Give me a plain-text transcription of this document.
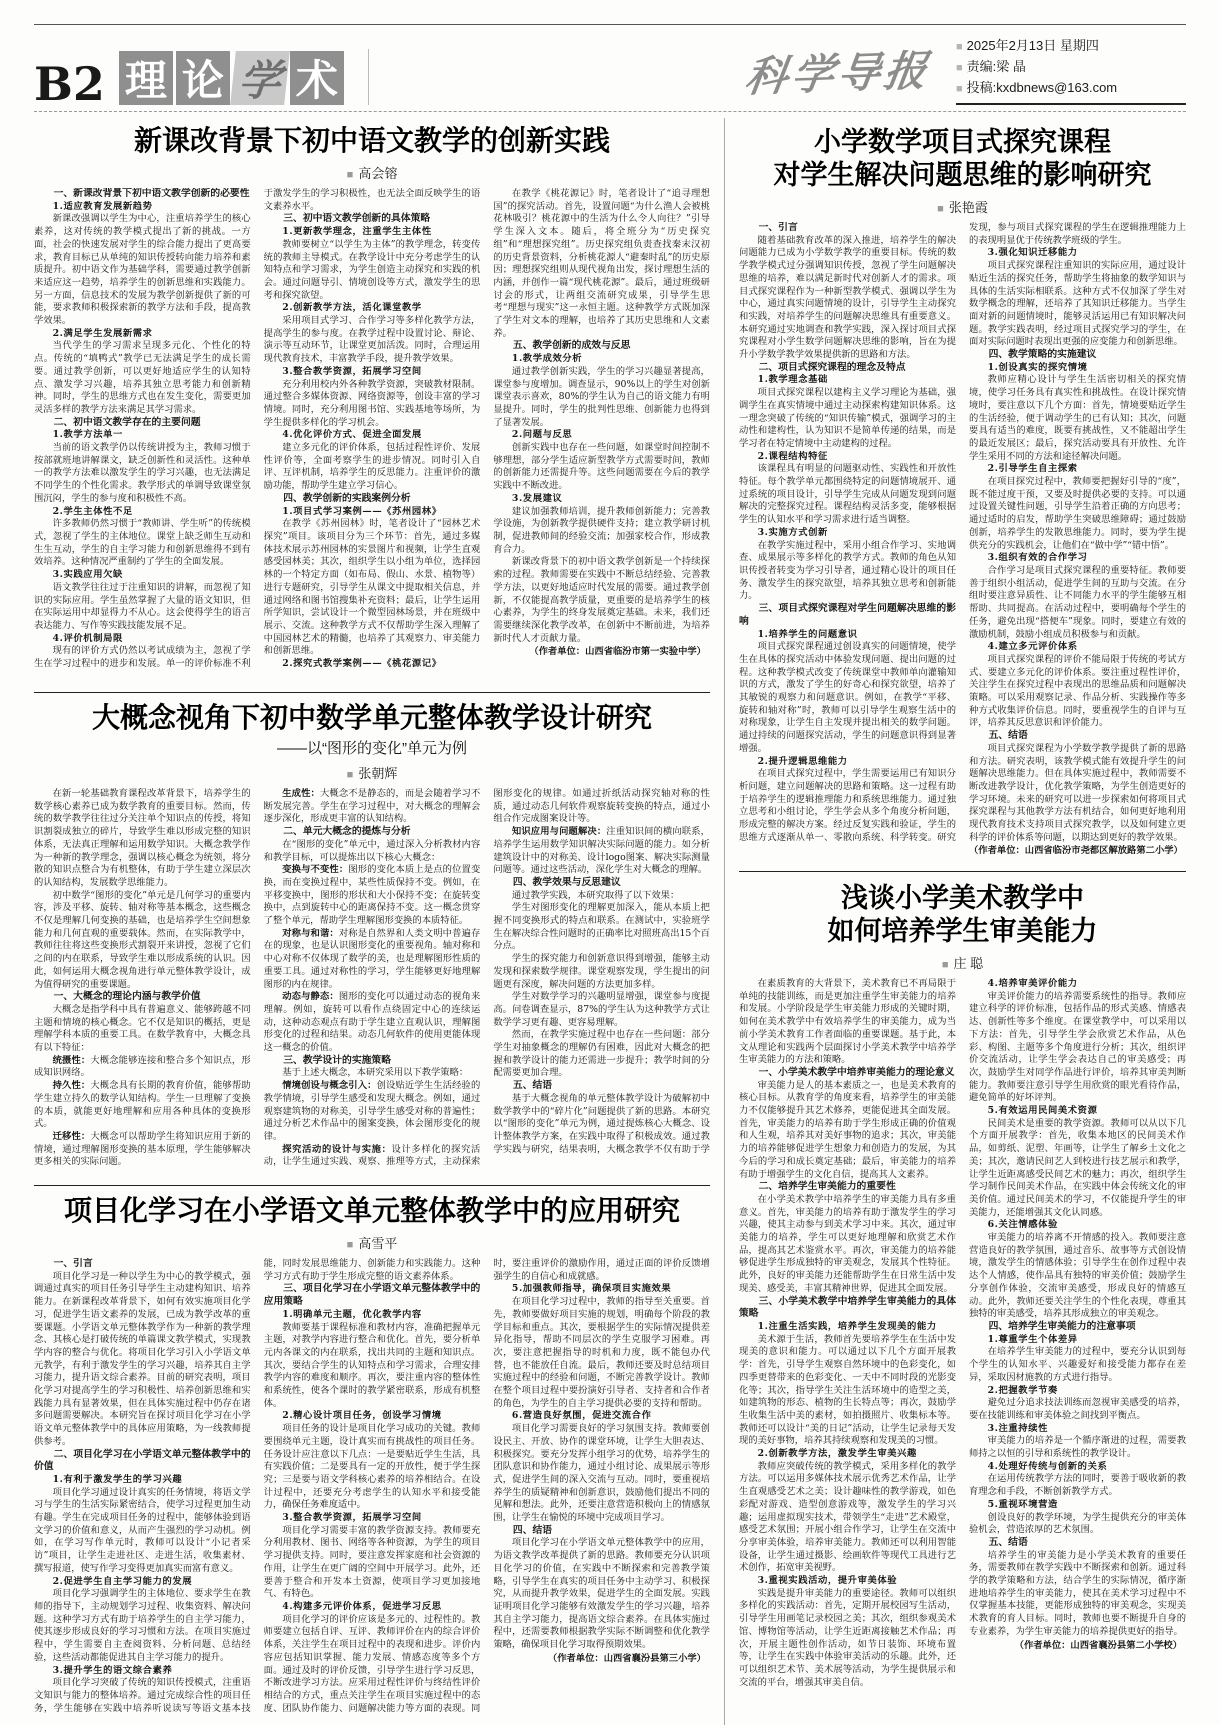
B2 理 论 学 术	科学导报 ■ 2025年2月13日 星期四
■ 责编:梁 晶
■ 投稿:kxdbnews@163.com
新课改背景下初中语文教学的创新实践
■ 高会镕
一、新课改背景下初中语文教学创新的必要性
1.适应教育发展新趋势
新课改强调以学生为中心，注重培养学生的核心素养，这对传统的教学模式提出了新的挑战。一方面，社会的快速发展对学生的综合能力提出了更高要求，教育目标已从单纯的知识传授转向能力培养和素质提升。初中语文作为基础学科，需要通过教学创新来适应这一趋势，培养学生的创新思维和实践能力。另一方面，信息技术的发展为教学创新提供了新的可能，要求教师积极探索新的教学方法和手段，提高教学效果。
2.满足学生发展新需求
当代学生的学习需求呈现多元化、个性化的特点。传统的“填鸭式”教学已无法满足学生的成长需要。通过教学创新，可以更好地适应学生的认知特点、激发学习兴趣，培养其独立思考能力和创新精神。同时，学生的思维方式也在发生变化，需要更加灵活多样的教学方法来满足其学习需求。
二、初中语文教学存在的主要问题
1.教学方法单一
当前的语文教学仍以传统讲授为主，教师习惯于按部就班地讲解课文，缺乏创新性和灵活性。这种单一的教学方法难以激发学生的学习兴趣，也无法满足不同学生的个性化需求。教学形式的单调导致课堂氛围沉闷，学生的参与度和积极性不高。
2.学生主体性不足
许多教师仍然习惯于“教师讲、学生听”的传统模式，忽视了学生的主体地位。课堂上缺乏师生互动和生生互动，学生的自主学习能力和创新思维得不到有效培养。这种情况严重制约了学生的全面发展。
3.实践应用欠缺
语文教学往往过于注重知识的讲解，而忽视了知识的实际应用。学生虽然掌握了大量的语文知识，但在实际运用中却显得力不从心。这会使得学生的语言表达能力、写作等实践技能发展不足。
4.评价机制局限
现有的评价方式仍然以考试成绩为主，忽视了学生在学习过程中的进步和发展。单一的评价标准不利于激发学生的学习积极性，也无法全面反映学生的语文素养水平。
三、初中语文教学创新的具体策略
1.更新教学理念，注重学生主体性
教师要树立“以学生为主体”的教学理念，转变传统的教师主导模式。在教学设计中充分考虑学生的认知特点和学习需求，为学生创造主动探究和实践的机会。通过问题导引、情境创设等方式，激发学生的思考和探究欲望。
2.创新教学方法，活化课堂教学
采用项目式学习、合作学习等多样化教学方法，提高学生的参与度。在教学过程中设置讨论、辩论、演示等互动环节，让课堂更加活泼。同时，合理运用现代教育技术，丰富教学手段，提升教学效果。
3.整合教学资源，拓展学习空间
充分利用校内外各种教学资源，突破教材限制。通过整合多媒体资源、网络资源等，创设丰富的学习情境。同时，充分利用图书馆、实践基地等场所，为学生提供多样化的学习机会。
4.优化评价方式、促进全面发展
建立多元化的评价体系，包括过程性评价、发展性评价等，全面考察学生的进步情况。同时引入自评、互评机制，培养学生的反思能力。注重评价的激励功能，帮助学生建立学习信心。
四、教学创新的实践案例分析
1.项目式学习案例——《苏州园林》
在教学《苏州园林》时，笔者设计了“园林艺术探究”项目。该项目分为三个环节：首先，通过多媒体技术展示苏州园林的实景图片和视频，让学生直观感受园林美；其次，组织学生以小组为单位，选择园林的一个特定方面（如布局、假山、水景、植物等）进行专题研究，引导学生从课文中提取相关信息，并通过网络和图书馆搜集补充资料；最后，让学生运用所学知识，尝试设计一个微型园林场景，并在班级中展示、交流。这种教学方式不仅帮助学生深入理解了中国园林艺术的精髓，也培养了其观察力、审美能力和创新思维。
2.探究式教学案例——《桃花源记》
在教学《桃花源记》时，笔者设计了“追寻理想国”的探究活动。首先，设置问题“为什么渔人会被桃花林吸引？桃花源中的生活为什么令人向往？”引导学生深入文本。随后，将全班分为“历史探究组”和“理想探究组”。历史探究组负责查找秦末汉初的历史背景资料，分析桃花源人“避秦时乱”的历史原因；理想探究组则从现代视角出发，探讨理想生活的内涵，并创作一篇“现代桃花源”。最后，通过班级研讨会的形式，让两组交流研究成果，引导学生思考“理想与现实”这一永恒主题。这种教学方式既加深了学生对文本的理解，也培养了其历史思维和人文素养。
五、教学创新的成效与反思
1.教学成效分析
通过教学创新实践，学生的学习兴趣显著提高，课堂参与度增加。调查显示，90%以上的学生对创新课堂表示喜欢，80%的学生认为自己的语文能力有明显提升。同时，学生的批判性思维、创新能力也得到了显著发展。
2.问题与反思
创新实践中也存在一些问题，如课堂时间控制不够理想，部分学生适应新型教学方式需要时间，教师的创新能力还需提升等。这些问题需要在今后的教学实践中不断改进。
3.发展建议
建议加强教师培训，提升教师创新能力；完善教学设施，为创新教学提供硬件支持；建立教学研讨机制，促进教师间的经验交流；加强家校合作，形成教育合力。
新课改背景下的初中语文教学创新是一个持续探索的过程。教师需要在实践中不断总结经验、完善教学方法，以更好地适应时代发展的需要。通过教学创新，不仅能提高教学质量，更重要的是培养学生的核心素养，为学生的终身发展奠定基础。未来，我们还需要继续深化教学改革，在创新中不断前进，为培养新时代人才贡献力量。
（作者单位：山西省临汾市第一实验中学）
大概念视角下初中数学单元整体教学设计研究
——以“图形的变化”单元为例
■ 张朝辉
在新一轮基础教育课程改革背景下，培养学生的数学核心素养已成为数学教育的重要目标。然而，传统的数学教学往往过分关注单个知识点的传授，将知识割裂成独立的碎片，导致学生难以形成完整的知识体系，无法真正理解和运用数学知识。大概念教学作为一种新的教学理念，强调以核心概念为统领，将分散的知识点整合为有机整体，有助于学生建立深层次的认知结构，发展数学思维能力。
初中数学“图形的变化”单元是几何学习的重要内容，涉及平移、旋转、轴对称等基本概念，这些概念不仅是理解几何变换的基础，也是培养学生空间想象能力和几何直观的重要载体。然而，在实际教学中，教师往往将这些变换形式割裂开来讲授，忽视了它们之间的内在联系，导致学生难以形成系统的认识。因此，如何运用大概念视角进行单元整体教学设计，成为值得研究的重要课题。
一、大概念的理论内涵与教学价值
大概念是指学科中具有普遍意义、能够跨越不同主题和情境的核心概念。它不仅是知识的概括，更是理解学科本质的重要工具。在数学教育中，大概念具有以下特征：
统摄性：大概念能够连接和整合多个知识点，形成知识网络。
持久性：大概念具有长期的教育价值，能够帮助学生建立持久的数学认知结构。学生一旦理解了变换的本质，就能更好地理解和应用各种具体的变换形式。
迁移性：大概念可以帮助学生将知识应用于新的情境，通过理解图形变换的基本原理，学生能够解决更多相关的实际问题。
生成性：大概念不是静态的，而是会随着学习不断发展完善。学生在学习过程中，对大概念的理解会逐步深化，形成更丰富的认知结构。
二、单元大概念的提炼与分析
在“图形的变化”单元中，通过深入分析教材内容和教学目标，可以提炼出以下核心大概念：
变换与不变性：图形的变化本质上是点的位置变换，而在变换过程中，某些性质保持不变。例如，在平移变换中，图形的形状和大小保持不变；在旋转变换中，点到旋转中心的距离保持不变。这一概念贯穿了整个单元，帮助学生理解图形变换的本质特征。
对称与和谐：对称是自然界和人类文明中普遍存在的现象，也是认识图形变化的重要视角。轴对称和中心对称不仅体现了数学的美，也是理解图形性质的重要工具。通过对称性的学习，学生能够更好地理解图形的内在规律。
动态与静态：图形的变化可以通过动态的视角来理解。例如，旋转可以看作点绕固定中心的连续运动，这种动态观点有助于学生建立直观认识，理解图形变化的过程和结果。动态几何软件的使用更能体现这一概念的价值。
三、教学设计的实施策略
基于上述大概念，本研究采用以下教学策略：
情境创设与概念引入：创设贴近学生生活经验的教学情境，引导学生感受和发现大概念。例如，通过观察建筑物的对称美，引导学生感受对称的普遍性；通过分析艺术作品中的图案变换，体会图形变化的规律。
探究活动的设计与实施：设计多样化的探究活动，让学生通过实践、观察、推理等方式，主动探索图形变化的规律。如通过折纸活动探究轴对称的性质，通过动态几何软件观察旋转变换的特点，通过小组合作完成图案设计等。
知识应用与问题解决：注重知识间的横向联系，培养学生运用数学知识解决实际问题的能力。如分析建筑设计中的对称美、设计logo图案、解决实际测量问题等。通过这些活动，深化学生对大概念的理解。
四、教学效果与反思建议
通过教学实践，本研究取得了以下效果：
学生对图形变化的理解更加深入，能从本质上把握不同变换形式的特点和联系。在测试中，实验班学生在解决综合性问题时的正确率比对照班高出15个百分点。
学生的探究能力和创新意识得到增强，能够主动发现和探索数学规律。课堂观察发现，学生提出的问题更有深度，解决问题的方法更加多样。
学生对数学学习的兴趣明显增强，课堂参与度提高。问卷调查显示，87%的学生认为这种教学方式让数学学习更有趣、更容易理解。
然而，在教学实施过程中也存在一些问题：部分学生对抽象概念的理解仍有困难，因此对大概念的把握和教学设计的能力还需进一步提升；教学时间的分配需要更加合理。
五、结语
基于大概念视角的单元整体教学设计为破解初中数学教学中的“碎片化”问题提供了新的思路。本研究以“图形的变化”单元为例，通过提炼核心大概念、设计整体教学方案，在实践中取得了积极成效。通过教学实践与研究，结果表明，大概念教学不仅有助于学
项目化学习在小学语文单元整体教学中的应用研究
■ 高雪平
一、引言
项目化学习是一种以学生为中心的教学模式，强调通过真实的项目任务引导学生主动建构知识、培养能力。在新课程改革背景下，如何有效实施项目化学习，促进学生语文素养的发展，已成为教学改革的重要课题。小学语文单元整体教学作为一种新的教学理念、其核心是打破传统的单篇课文教学模式，实现教学内容的整合与优化。将项目化学习引入小学语文单元教学，有利于激发学生的学习兴趣，培养其自主学习能力，提升语文综合素养。目前的研究表明，项目化学习对提高学生的学习积极性、培养创新思维和实践能力具有显著效果，但在具体实施过程中仍存在诸多问题需要解决。本研究旨在探讨项目化学习在小学语文单元整体教学中的具体应用策略，为一线教师提供参考。
二、项目化学习在小学语文单元整体教学中的价值
1.有利于激发学生的学习兴趣
项目化学习通过设计真实的任务情境，将语文学习与学生的生活实际紧密结合，使学习过程更加生动有趣。学生在完成项目任务的过程中，能够体验到语文学习的价值和意义，从而产生强烈的学习动机。例如，在学习写作单元时，教师可以设计“小记者采访”项目，让学生走进社区、走进生活，收集素材、撰写报道，使写作学习变得更加真实而富有意义。
2.促进学生自主学习能力的发展
项目化学习强调学生的主体地位、要求学生在教师的指导下，主动规划学习过程、收集资料、解决问题。这种学习方式有助于培养学生的自主学习能力，使其逐步形成良好的学习习惯和方法。在项目实施过程中，学生需要自主查阅资料、分析问题、总结经验，这些活动都能促进其自主学习能力的提升。
3.提升学生的语文综合素养
项目化学习突破了传统的知识传授模式，注重语文知识与能力的整体培养。通过完成综合性的项目任务，学生能够在实践中培养听说读写等语文基本技能，同时发展思维能力、创新能力和实践能力。这种学习方式有助于学生形成完整的语文素养体系。
三、项目化学习在小学语文单元整体教学中的应用策略
1.明确单元主题，优化教学内容
教师要基于课程标准和教材内容，准确把握单元主题，对教学内容进行整合和优化。首先，要分析单元内各课文的内在联系，找出共同的主题和知识点。其次，要结合学生的认知特点和学习需求，合理安排教学内容的难度和顺序。再次，要注重内容的整体性和系统性，使各个课时的教学紧密联系，形成有机整体。
2.精心设计项目任务，创设学习情境
项目任务的设计是项目化学习成功的关键。教师要围绕单元主题，设计真实而有挑战性的项目任务。任务设计应注意以下几点：一是要贴近学生生活，具有实践价值；二是要具有一定的开放性，便于学生探究；三是要与语文学科核心素养的培养相结合。在设计过程中，还要充分考虑学生的认知水平和接受能力，确保任务难度适中。
3.整合教学资源，拓展学习空间
项目化学习需要丰富的教学资源支持。教师要充分利用教材、图书、网络等各种资源，为学生的项目学习提供支持。同时，要注意发挥家庭和社会资源的作用，让学生在更广阔的空间中开展学习。此外，还要善于整合和开发本土资源，使项目学习更加接地气、有特色。
4.构建多元评价体系，促进学习反思
项目化学习的评价应该是多元的、过程性的。教师要建立包括自评、互评、教师评价在内的综合评价体系，关注学生在项目过程中的表现和进步。评价内容应包括知识掌握、能力发展、情感态度等多个方面。通过及时的评价反馈，引导学生进行学习反思，不断改进学习方法。应采用过程性评价与终结性评价相结合的方式，重点关注学生在项目实施过程中的态度、团队协作能力、问题解决能力等方面的表现。同时，要注重评价的激励作用，通过正面的评价反馈增强学生的自信心和成就感。
5.加强教师指导，确保项目实施效果
在项目化学习过程中，教师的指导至关重要。首先，教师要做好项目实施的规划，明确每个阶段的教学目标和重点。其次，要根据学生的实际情况提供差异化指导，帮助不同层次的学生克服学习困难。再次，要注意把握指导的时机和力度，既不能包办代替，也不能放任自流。最后，教师还要及时总结项目实施过程中的经验和问题，不断完善教学设计。教师在整个项目过程中要扮演好引导者、支持者和合作者的角色，为学生的自主学习提供必要的支持和帮助。
6.营造良好氛围，促进交流合作
项目化学习需要良好的学习氛围支持。教师要创设民主、开放、协作的课堂环境，让学生大胆表达、积极探究。要充分发挥小组学习的优势，培养学生的团队意识和协作能力，通过小组讨论、成果展示等形式，促进学生间的深入交流与互动。同时，要重视培养学生的质疑精神和创新意识，鼓励他们提出不同的见解和想法。此外，还要注意营造积极向上的情感氛围，让学生在愉悦的环境中完成项目学习。
四、结语
项目化学习在小学语文单元整体教学中的应用，为语文教学改革提供了新的思路。教师要充分认识项目化学习的价值，在实践中不断探索和完善教学策略，引导学生在真实的项目任务中主动学习、积极探究，从而提升教学效果，促进学生的全面发展。实践证明项目化学习能够有效激发学生的学习兴趣，培养其自主学习能力，提高语文综合素养。在具体实施过程中，还需要教师根据教学实际不断调整和优化教学策略，确保项目化学习取得预期效果。
（作者单位：山西省襄汾县第三小学）
小学数学项目式探究课程
对学生解决问题思维的影响研究
■ 张艳霞
一、引言
随着基础教育改革的深入推进，培养学生的解决问题能力已成为小学数学教学的重要目标。传统的数学教学模式过分强调知识传授，忽视了学生问题解决思维的培养，难以满足新时代对创新人才的需求。项目式探究课程作为一种新型教学模式、强调以学生为中心，通过真实问题情境的设计，引导学生主动探究和实践，对培养学生的问题解决思维具有重要意义。本研究通过实地调查和教学实践，深入探讨项目式探究课程对小学生数学问题解决思维的影响，旨在为提升小学数学教学效果提供新的思路和方法。
二、项目式探究课程的理念及特点
1.教学理念基础
项目式探究课程以建构主义学习理论为基础，强调学生在真实情境中通过主动探索构建知识体系。这一理念突破了传统的“知识传输”模式，强调学习的主动性和建构性，认为知识不是简单传递的结果，而是学习者在特定情境中主动建构的过程。
2.课程结构特征
该课程具有明显的问题驱动性、实践性和开放性特征。每个教学单元都围绕特定的问题情境展开、通过系统的项目设计，引导学生完成从问题发现到问题解决的完整探究过程。课程结构灵活多变，能够根据学生的认知水平和学习需求进行适当调整。
3.实施方式创新
在教学实施过程中，采用小组合作学习、实地调查、成果展示等多样化的教学方式。教师的角色从知识传授者转变为学习引导者，通过精心设计的项目任务、激发学生的探究欲望，培养其独立思考和创新能力。
三、项目式探究课程对学生问题解决思维的影响
1.培养学生的问题意识
项目式探究课程通过创设真实的问题情境，使学生在具体的探究活动中体验发现问题、提出问题的过程。这种教学模式改变了传统课堂中教师单向灌输知识的方式，激发了学生的好奇心和探究欲望，培养了其敏锐的观察力和问题意识。例如，在教学“平移、旋转和轴对称”时，教师可以引导学生观察生活中的对称现象，让学生自主发现并提出相关的数学问题。通过持续的问题探究活动，学生的问题意识得到显著增强。
2.提升逻辑思维能力
在项目式探究过程中，学生需要运用已有知识分析问题，建立问题解决的思路和策略。这一过程有助于培养学生的逻辑推理能力和系统思维能力。通过独立思考和小组讨论，学生学会从多个角度分析问题，形成完整的解决方案。经过反复实践和验证，学生的思维方式逐渐从单一、零散向系统、科学转变。研究发现，参与项目式探究课程的学生在逻辑推理能力上的表现明显优于传统教学班级的学生。
3.强化知识迁移能力
项目式探究课程注重知识的实际应用，通过设计贴近生活的探究任务，帮助学生将抽象的数学知识与具体的生活实际相联系。这种方式不仅加深了学生对数学概念的理解，还培养了其知识迁移能力。当学生面对新的问题情境时，能够灵活运用已有知识解决问题。教学实践表明，经过项目式探究学习的学生，在面对实际问题时表现出更强的应变能力和创新思维。
四、教学策略的实施建议
1.创设真实的探究情境
教师应精心设计与学生生活密切相关的探究情境，使学习任务具有真实性和挑战性。在设计探究情境时，要注意以下几个方面：首先，情境要贴近学生的生活经验，便于调动学生的已有认知；其次，问题要具有适当的难度，既要有挑战性，又不能超出学生的最近发展区；最后，探究活动要具有开放性、允许学生采用不同的方法和途径解决问题。
2.引导学生自主探索
在项目探究过程中，教师要把握好引导的“度”，既不能过度干预，又要及时提供必要的支持。可以通过设置关键性问题，引导学生沿着正确的方向思考；通过适时的启发，帮助学生突破思维障碍；通过鼓励创新，培养学生的发散思维能力。同时，要为学生提供充分的实践机会，让他们在“做中学”“错中悟”。
3.组织有效的合作学习
合作学习是项目式探究课程的重要特征。教师要善于组织小组活动，促进学生间的互助与交流。在分组时要注意异质性、让不同能力水平的学生能够互相帮助、共同提高。在活动过程中，要明确每个学生的任务，避免出现“搭便车”现象。同时，要建立有效的激励机制，鼓励小组成员积极参与和贡献。
4.建立多元评价体系
项目式探究课程的评价不能局限于传统的考试方式、要建立多元化的评价体系。要注重过程性评价，关注学生在探究过程中表现出的思维品质和问题解决策略。可以采用观察记录、作品分析、实践操作等多种方式收集评价信息。同时，要重视学生的自评与互评，培养其反思意识和评价能力。
五、结语
项目式探究课程为小学数学教学提供了新的思路和方法。研究表明，该教学模式能有效提升学生的问题解决思维能力。但在具体实施过程中，教师需要不断改进教学设计，优化教学策略，为学生创造更好的学习环境。未来的研究可以进一步探索如何将项目式探究课程与其他教学方法有机结合，如何更好地利用现代教育技术支持项目式探究教学，以及如何建立更科学的评价体系等问题，以期达到更好的教学效果。
（作者单位：山西省临汾市尧都区解放路第二小学）
浅谈小学美术教学中
如何培养学生审美能力
■ 庄 聪
在素质教育的大背景下，美术教育已不再局限于单纯的技能训练，而是更加注重学生审美能力的培养和发展。小学阶段是学生审美能力形成的关键时期，如何在美术教学中有效培养学生的审美能力，成为当前小学美术教育工作者面临的重要课题。基于此，本文从理论和实践两个层面探讨小学美术教学中培养学生审美能力的方法和策略。
一、小学美术教学中培养审美能力的理论意义
审美能力是人的基本素质之一，也是美术教育的核心目标。从教育学的角度来看，培养学生的审美能力不仅能够提升其艺术修养，更能促进其全面发展。首先，审美能力的培养有助于学生形成正确的价值观和人生观，培养其对美好事物的追求；其次，审美能力的培养能够促进学生想象力和创造力的发展，为其今后的学习和成长奠定基础；最后，审美能力的培养有助于增强学生的文化自信，提高其人文素养。
二、培养学生审美能力的重要性
在小学美术教学中培养学生的审美能力具有多重意义。首先，审美能力的培养有助于激发学生的学习兴趣，使其主动参与到美术学习中来。其次，通过审美能力的培养，学生可以更好地理解和欣赏艺术作品，提高其艺术鉴赏水平。再次，审美能力的培养能够促进学生形成独特的审美观念，发展其个性特征。此外，良好的审美能力还能帮助学生在日常生活中发现美、感受美，丰富其精神世界，促进其全面发展。
三、小学美术教学中培养学生审美能力的具体策略
1.注重生活实践，培养学生发现美的能力
美术源于生活，教师首先要培养学生在生活中发现美的意识和能力。可以通过以下几个方面开展教学：首先，引导学生观察自然环境中的色彩变化，如四季更替带来的色彩变化、一天中不同时段的光影变化等；其次，指导学生关注生活环境中的造型之美，如建筑物的形态、植物的生长特点等；再次，鼓励学生收集生活中美的素材，如拍摄照片、收集标本等。教师还可以设计“美的日记”活动，让学生记录每天发现的美好事物，培养其持续观察和发现美的习惯。
2.创新教学方法，激发学生审美兴趣
教师应突破传统的教学模式，采用多样化的教学方法。可以运用多媒体技术展示优秀艺术作品，让学生直观感受艺术之美；设计趣味性的教学游戏，如色彩配对游戏、造型创意游戏等，激发学生的学习兴趣；运用虚拟现实技术，带领学生“走进”艺术殿堂，感受艺术氛围；开展小组合作学习，让学生在交流中分享审美体验，培养审美能力。教师还可以利用智能设备，让学生通过摄影、绘画软件等现代工具进行艺术创作，拓宽审美视野。
3.重视实践活动，提升审美体验
实践是提升审美能力的重要途径。教师可以组织多样化的实践活动：首先，定期开展校园写生活动，引导学生用画笔记录校园之美；其次，组织参观美术馆、博物馆等活动，让学生近距离接触艺术作品；再次，开展主题性创作活动，如节日装饰、环境布置等，让学生在实践中体验审美活动的乐趣。此外，还可以组织艺术节、美术展等活动，为学生提供展示和交流的平台，增强其审美自信。
4.培养审美评价能力
审美评价能力的培养需要系统性的指导。教师应建立科学的评价标准，包括作品的形式美感、情感表达、创新性等多个维度。在课堂教学中，可以采用以下方法：首先，引导学生学会欣赏艺术作品，从色彩、构图、主题等多个角度进行分析；其次，组织评价交流活动，让学生学会表达自己的审美感受；再次，鼓励学生对同学作品进行评价，培养其审美判断能力。教师要注意引导学生用欣赏的眼光看待作品，避免简单的好坏评判。
5.有效运用民间美术资源
民间美术是重要的教学资源。教师可以从以下几个方面开展教学：首先，收集本地区的民间美术作品，如剪纸、泥塑、年画等，让学生了解乡土文化之美；其次，邀请民间艺人到校进行技艺展示和教学，让学生近距离感受民间艺术的魅力；再次，组织学生学习制作民间美术作品，在实践中体会传统文化的审美价值。通过民间美术的学习，不仅能提升学生的审美能力，还能增强其文化认同感。
6.关注情感体验
审美能力的培养离不开情感的投入。教师要注意营造良好的教学氛围，通过音乐、故事等方式创设情境，激发学生的情感体验；引导学生在创作过程中表达个人情感，使作品具有独特的审美价值；鼓励学生分享创作体验，交流审美感受，形成良好的情感互动。此外，教师还要关注学生的个性化表现，尊重其独特的审美感受，培养其形成独立的审美观念。
四、培养学生审美能力的注意事项
1.尊重学生个体差异
在培养学生审美能力的过程中，要充分认识到每个学生的认知水平、兴趣爱好和接受能力都存在差异，采取因材施教的方式进行指导。
2.把握教学节奏
避免过分追求技法训练而忽视审美感受的培养，要在技能训练和审美体验之间找到平衡点。
3.注重持续性
审美能力的培养是一个循序渐进的过程，需要教师持之以恒的引导和系统性的教学设计。
4.处理好传统与创新的关系
在运用传统教学方法的同时，要善于吸收新的教育理念和手段，不断创新教学方式。
5.重视环境营造
创设良好的教学环境，为学生提供充分的审美体验机会，营造浓厚的艺术氛围。
五、结语
培养学生的审美能力是小学美术教育的重要任务，需要教师在教学实践中不断探索和创新。通过科学的教学策略和方法，结合学生的实际情况，循序渐进地培养学生的审美能力，使其在美术学习过程中不仅掌握基本技能，更能形成独特的审美观念，实现美术教育的育人目标。同时，教师也要不断提升自身的专业素养，为学生审美能力的培养提供更好的指导。
（作者单位：山西省襄汾县第二小学校）
